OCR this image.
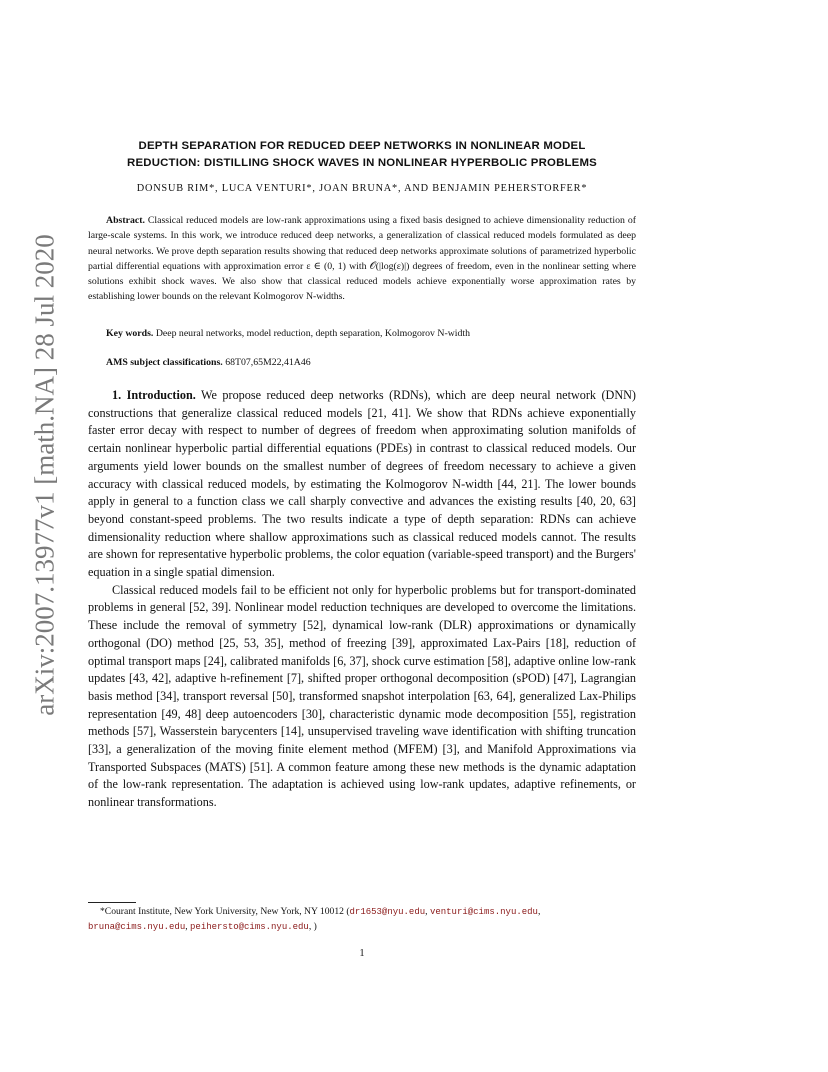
arXiv:2007.13977v1 [math.NA] 28 Jul 2020
DEPTH SEPARATION FOR REDUCED DEEP NETWORKS IN NONLINEAR MODEL
REDUCTION: DISTILLING SHOCK WAVES IN NONLINEAR HYPERBOLIC PROBLEMS
DONSUB RIM*, LUCA VENTURI*, JOAN BRUNA*, AND BENJAMIN PEHERSTORFER*
Abstract. Classical reduced models are low-rank approximations using a fixed basis designed to achieve dimensionality reduction of large-scale systems. In this work, we introduce reduced deep networks, a generalization of classical reduced models formulated as deep neural networks. We prove depth separation results showing that reduced deep networks approximate solutions of parametrized hyperbolic partial differential equations with approximation error ε ∈ (0, 1) with 𝒪(|log(ε)|) degrees of freedom, even in the nonlinear setting where solutions exhibit shock waves. We also show that classical reduced models achieve exponentially worse approximation rates by establishing lower bounds on the relevant Kolmogorov N-widths.
Key words. Deep neural networks, model reduction, depth separation, Kolmogorov N-width
AMS subject classifications. 68T07,65M22,41A46

1. Introduction. We propose reduced deep networks (RDNs), which are deep neural network (DNN) constructions that generalize classical reduced models [21, 41]. We show that RDNs achieve exponentially faster error decay with respect to number of degrees of freedom when approximating solution manifolds of certain nonlinear hyperbolic partial differential equations (PDEs) in contrast to classical reduced models. Our arguments yield lower bounds on the smallest number of degrees of freedom necessary to achieve a given accuracy with classical reduced models, by estimating the Kolmogorov N-width [44, 21]. The lower bounds apply in general to a function class we call sharply convective and advances the existing results [40, 20, 63] beyond constant-speed problems. The two results indicate a type of depth separation: RDNs can achieve dimensionality reduction where shallow approximations such as classical reduced models cannot. The results are shown for representative hyperbolic problems, the color equation (variable-speed transport) and the Burgers' equation in a single spatial dimension.

Classical reduced models fail to be efficient not only for hyperbolic problems but for transport-dominated problems in general [52, 39]. Nonlinear model reduction techniques are developed to overcome the limitations. These include the removal of symmetry [52], dynamical low-rank (DLR) approximations or dynamically orthogonal (DO) method [25, 53, 35], method of freezing [39], approximated Lax-Pairs [18], reduction of optimal transport maps [24], calibrated manifolds [6, 37], shock curve estimation [58], adaptive online low-rank updates [43, 42], adaptive h-refinement [7], shifted proper orthogonal decomposition (sPOD) [47], Lagrangian basis method [34], transport reversal [50], transformed snapshot interpolation [63, 64], generalized Lax-Philips representation [49, 48] deep autoencoders [30], characteristic dynamic mode decomposition [55], registration methods [57], Wasserstein barycenters [14], unsupervised traveling wave identification with shifting truncation [33], a generalization of the moving finite element method (MFEM) [3], and Manifold Approximations via Transported Subspaces (MATS) [51]. A common feature among these new methods is the dynamic adaptation of the low-rank representation. The adaptation is achieved using low-rank updates, adaptive refinements, or nonlinear transformations.

*Courant Institute, New York University, New York, NY 10012 (dr1653@nyu.edu, venturi@cims.nyu.edu, bruna@cims.nyu.edu, peihersto@cims.nyu.edu, )
1
